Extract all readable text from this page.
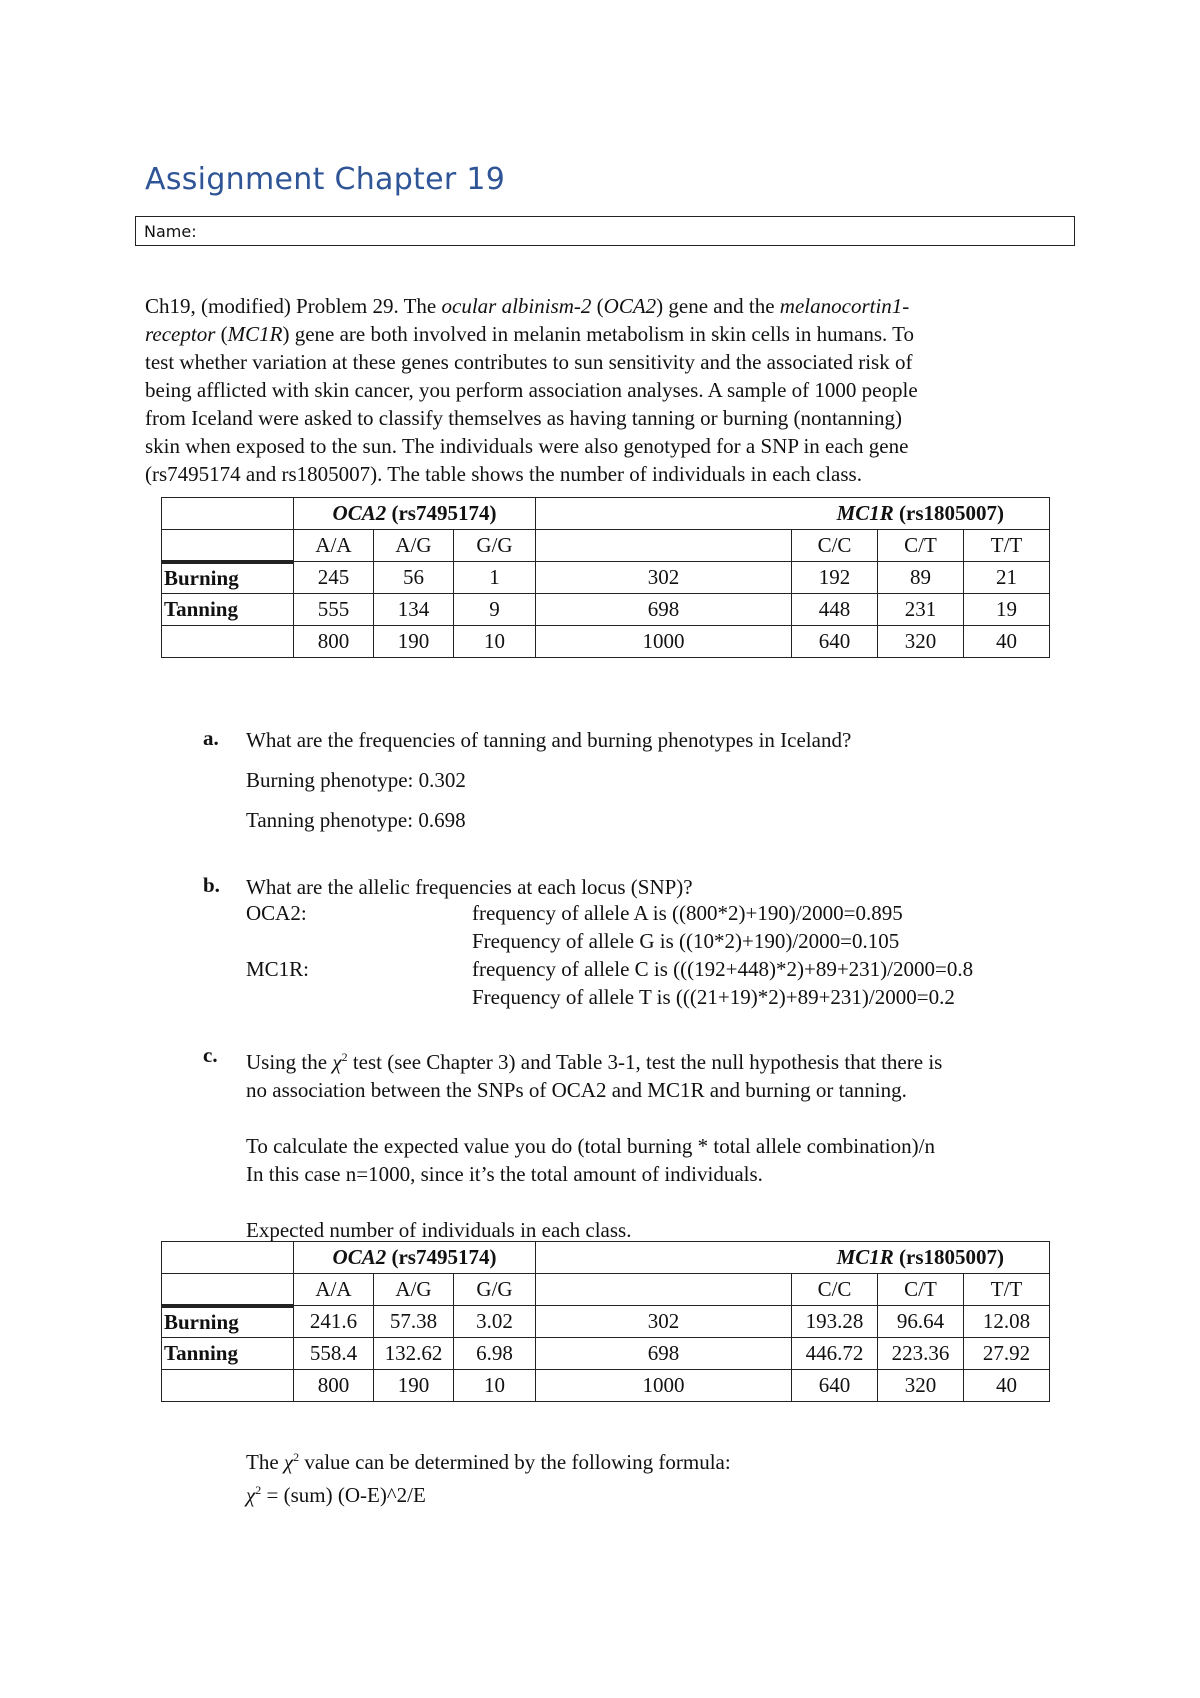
Assignment Chapter 19
Name:

Ch19, (modified) Problem 29. The ocular albinism-2 (OCA2) gene and the melanocortin1-

receptor (MC1R) gene are both involved in melanin metabolism in skin cells in humans. To

test whether variation at these genes contributes to sun sensitivity and the associated risk of

being afflicted with skin cancer, you perform association analyses. A sample of 1000 people

from Iceland were asked to classify themselves as having tanning or burning (nontanning)

skin when exposed to the sun. The individuals were also genotyped for a SNP in each gene

(rs7495174 and rs1805007). The table shows the number of individuals in each class.

	OCA2 (rs7495174)				MC1R (rs1805007)		
	A/A	A/G	G/G		C/C	C/T	T/T
Burning	245	56	1	302	192	89	21
Tanning	555	134	9	698	448	231	19
	800	190	10	1000	640	320	40
a. What are the frequencies of tanning and burning phenotypes in Iceland?

Burning phenotype: 0.302

Tanning phenotype: 0.698

b. What are the allelic frequencies at each locus (SNP)?
OCA2:	frequency of allele A is ((800*2)+190)/2000=0.895
Frequency of allele G is ((10*2)+190)/2000=0.105
MC1R:	frequency of allele C is (((192+448)*2)+89+231)/2000=0.8
Frequency of allele T is (((21+19)*2)+89+231)/2000=0.2
c. Using the $\chi^2$ test (see Chapter 3) and Table 3-1, test the null hypothesis that there is

no association between the SNPs of OCA2 and MC1R and burning or tanning.

To calculate the expected value you do (total burning * total allele combination)/n

In this case n=1000, since it’s the total amount of individuals.

Expected number of individuals in each class.

	OCA2 (rs7495174)				MC1R (rs1805007)		
	A/A	A/G	G/G		C/C	C/T	T/T
Burning	241.6	57.38	3.02	302	193.28	96.64	12.08
Tanning	558.4	132.62	6.98	698	446.72	223.36	27.92
	800	190	10	1000	640	320	40

The $\chi^2$ value can be determined by the following formula:

$\chi^2 = (sum)$ (O-E)^2/E
